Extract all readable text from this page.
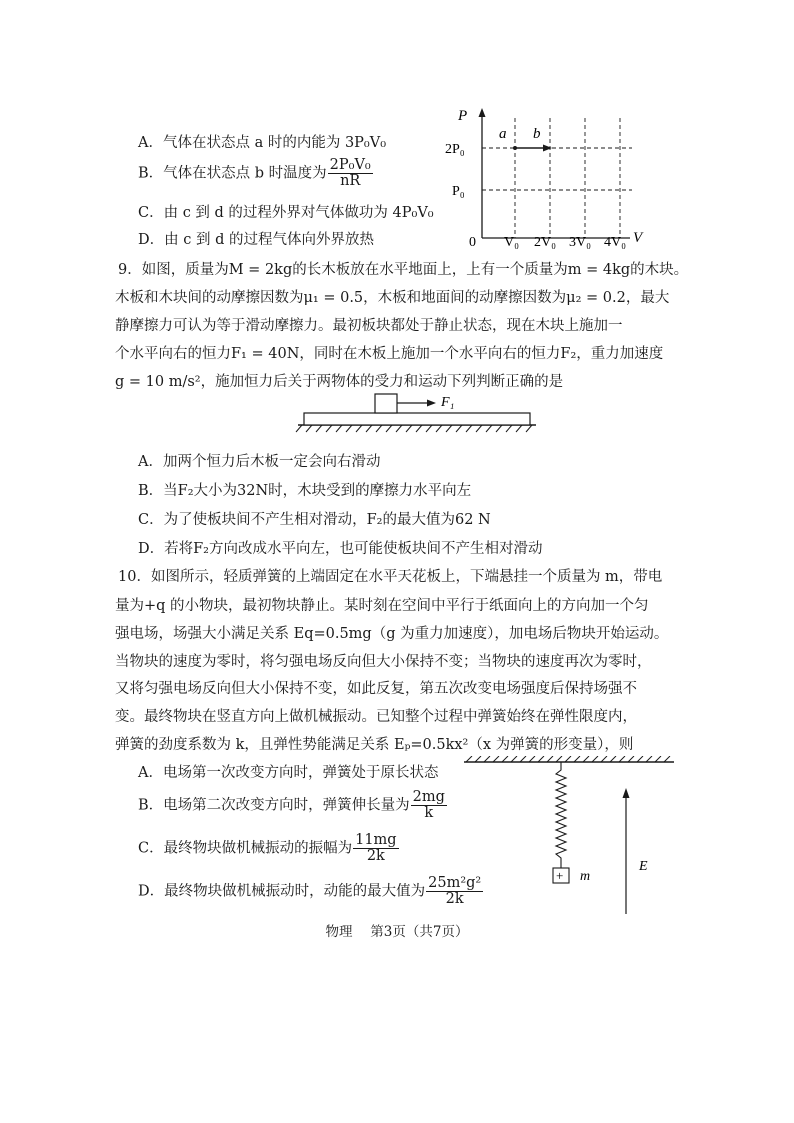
A．气体在状态点 a 时的内能为 3P₀V₀
B．气体在状态点 b 时温度为 $\frac{\text{2P₀V₀}}{nR}$
C．由 c 到 d 的过程外界对气体做功为 4P₀V₀
D．由 c 到 d 的过程气体向外界放热
P
V
0
2P₀
P₀
V₀ 2V₀ 3V₀ 4V₀
a b
9．如图，质量为M = 2kg的长木板放在水平地面上，上有一个质量为m = 4kg的木块。
木板和木块间的动摩擦因数为μ₁ = 0.5，木板和地面间的动摩擦因数为μ₂ = 0.2，最大
静摩擦力可认为等于滑动摩擦力。最初板块都处于静止状态，现在木块上施加一
个水平向右的恒力F₁ = 40N，同时在木板上施加一个水平向右的恒力F₂，重力加速度
g = 10 m/s²，施加恒力后关于两物体的受力和运动下列判断正确的是
F₁
A．加两个恒力后木板一定会向右滑动
B．当F₂大小为32N时，木块受到的摩擦力水平向左
C．为了使板块间不产生相对滑动，F₂的最大值为62 N
D．若将F₂方向改成水平向左，也可能使板块间不产生相对滑动
10．如图所示，轻质弹簧的上端固定在水平天花板上，下端悬挂一个质量为 m，带电
量为+q 的小物块，最初物块静止。某时刻在空间中平行于纸面向上的方向加一个匀
强电场，场强大小满足关系 Eq=0.5mg（g 为重力加速度），加电场后物块开始运动。
当物块的速度为零时，将匀强电场反向但大小保持不变；当物块的速度再次为零时，
又将匀强电场反向但大小保持不变，如此反复，第五次改变电场强度后保持场强不
变。最终物块在竖直方向上做机械振动。已知整个过程中弹簧始终在弹性限度内，
弹簧的劲度系数为 k，且弹性势能满足关系 Eₚ=0.5kx²（x 为弹簧的形变量），则
A．电场第一次改变方向时，弹簧处于原长状态
B．电场第二次改变方向时，弹簧伸长量为 $\frac{2mg}{k}$
C．最终物块做机械振动的振幅为 $\frac{11mg}{2k}$
D．最终物块做机械振动时，动能的最大值为 $\frac{\text{25m²g²}}{2k}$
+ m
E
物理　 第3页（共7页）
